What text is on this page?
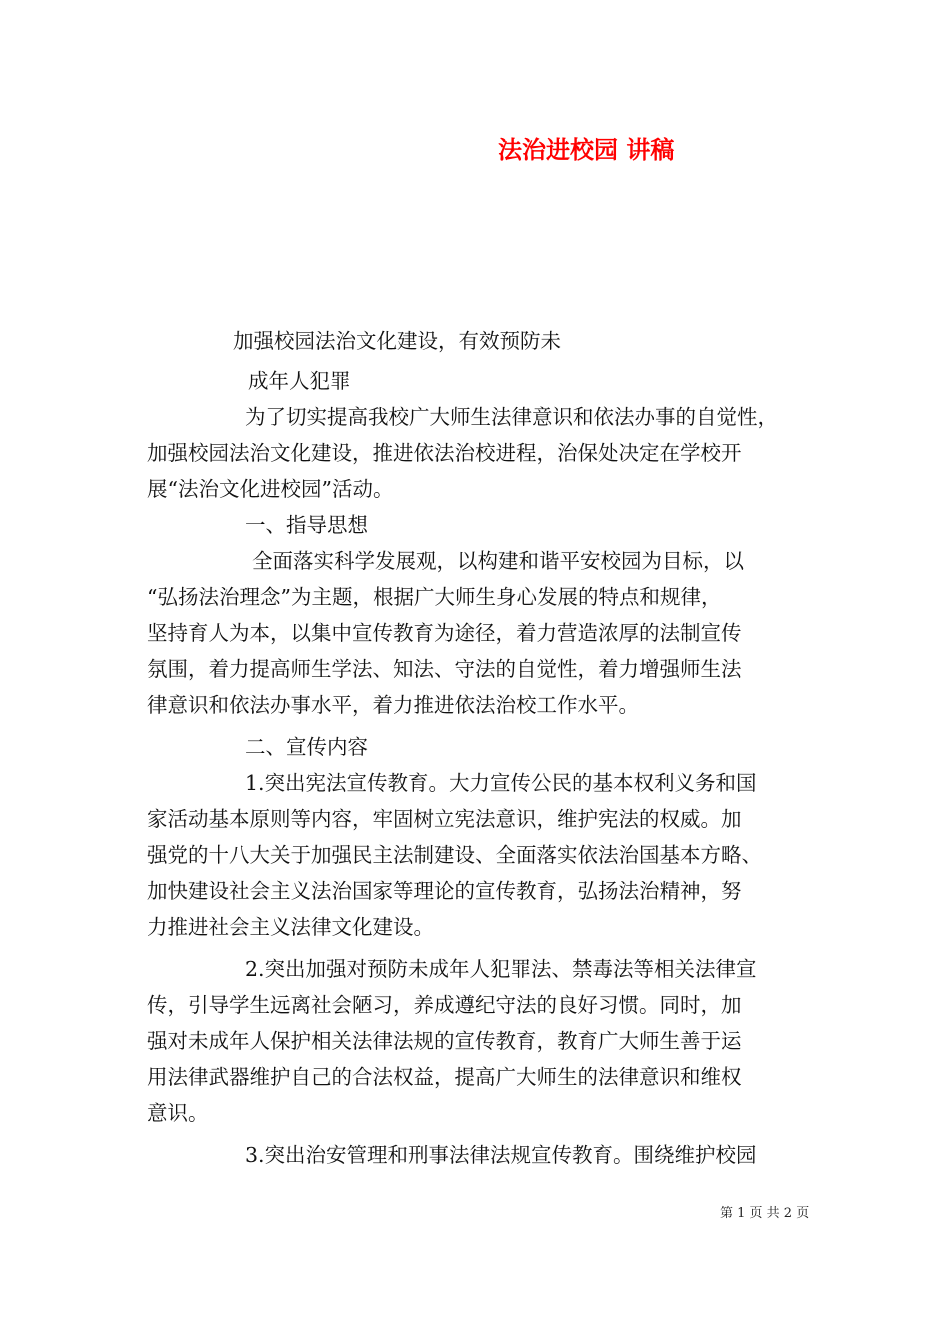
法治进校园 讲稿

加强校园法治文化建设，有效预防未

成年人犯罪

为了切实提高我校广大师生法律意识和依法办事的自觉性，

加强校园法治文化建设，推进依法治校进程，治保处决定在学校开

展“法治文化进校园”活动。

一、指导思想

全面落实科学发展观，以构建和谐平安校园为目标，以

“弘扬法治理念”为主题，根据广大师生身心发展的特点和规律，

坚持育人为本，以集中宣传教育为途径，着力营造浓厚的法制宣传

氛围，着力提高师生学法、知法、守法的自觉性，着力增强师生法

律意识和依法办事水平，着力推进依法治校工作水平。

二、宣传内容

1.突出宪法宣传教育。大力宣传公民的基本权利义务和国

家活动基本原则等内容，牢固树立宪法意识，维护宪法的权威。加

强党的十八大关于加强民主法制建设、全面落实依法治国基本方略、

加快建设社会主义法治国家等理论的宣传教育，弘扬法治精神，努

力推进社会主义法律文化建设。

2.突出加强对预防未成年人犯罪法、禁毒法等相关法律宣

传，引导学生远离社会陋习，养成遵纪守法的良好习惯。同时，加

强对未成年人保护相关法律法规的宣传教育，教育广大师生善于运

用法律武器维护自己的合法权益，提高广大师生的法律意识和维权

意识。

3.突出治安管理和刑事法律法规宣传教育。围绕维护校园

第 1 页 共 2 页
